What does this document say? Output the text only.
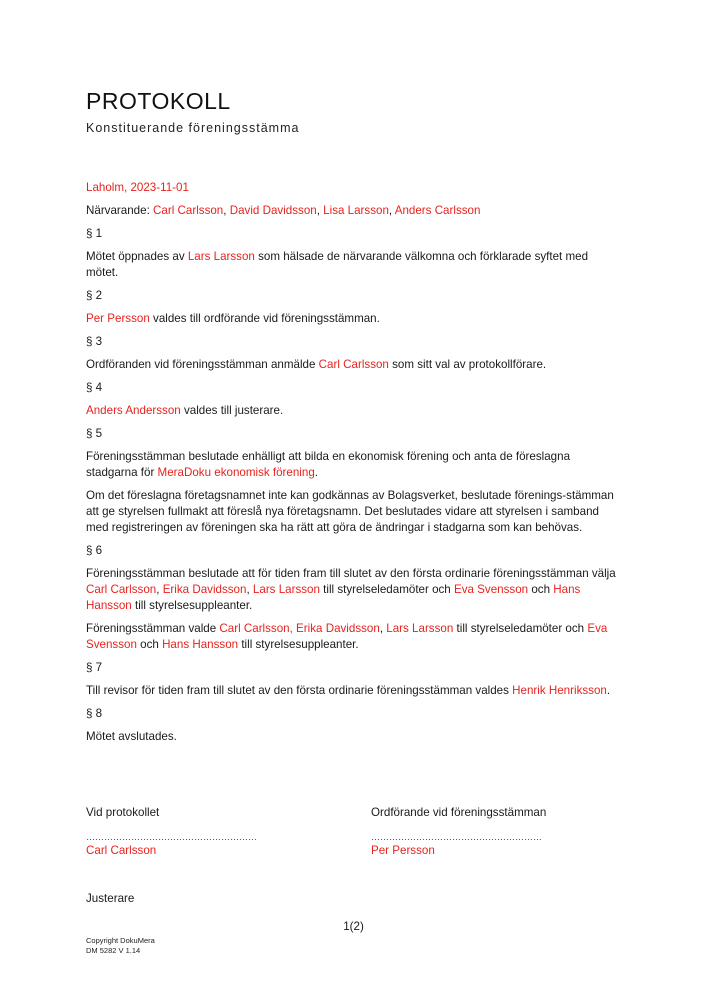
PROTOKOLL
Konstituerande föreningsstämma

Laholm, 2023-11-01

Närvarande: Carl Carlsson, David Davidsson, Lisa Larsson, Anders Carlsson

§ 1

Mötet öppnades av Lars Larsson som hälsade de närvarande välkomna och förklarade syftet med mötet.

§ 2

Per Persson valdes till ordförande vid föreningsstämman.

§ 3

Ordföranden vid föreningsstämman anmälde Carl Carlsson som sitt val av protokollförare.

§ 4

Anders Andersson valdes till justerare.

§ 5

Föreningsstämman beslutade enhälligt att bilda en ekonomisk förening och anta de föreslagna stadgarna för MeraDoku ekonomisk förening.

Om det föreslagna företagsnamnet inte kan godkännas av Bolagsverket, beslutade förenings-stämman att ge styrelsen fullmakt att föreslå nya företagsnamn. Det beslutades vidare att styrelsen i samband med registreringen av föreningen ska ha rätt att göra de ändringar i stadgarna som kan behövas.

§ 6

Föreningsstämman beslutade att för tiden fram till slutet av den första ordinarie föreningsstämman välja Carl Carlsson, Erika Davidsson, Lars Larsson till styrelseledamöter och Eva Svensson och Hans Hansson till styrelsesuppleanter.

Föreningsstämman valde Carl Carlsson, Erika Davidsson, Lars Larsson till styrelseledamöter och Eva Svensson och Hans Hansson till styrelsesuppleanter.

§ 7

Till revisor för tiden fram till slutet av den första ordinarie föreningsstämman valdes Henrik Henriksson.

§ 8

Mötet avslutades.

Vid protokollet
…………………………………………………
Carl Carlsson
Ordförande vid föreningsstämman
…………………………………………………
Per Persson
Justerare
1(2)
Copyright DokuMera
DM 5282 V 1.14
